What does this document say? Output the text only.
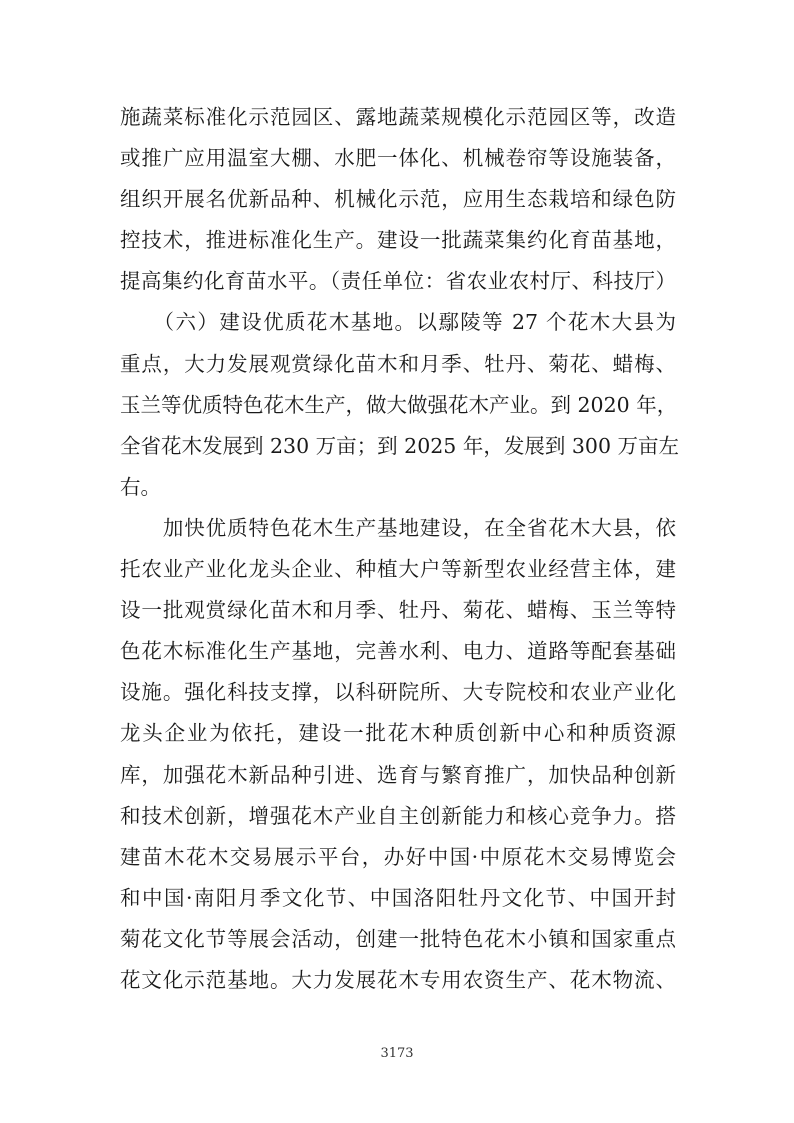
施蔬菜标准化示范园区、露地蔬菜规模化示范园区等，改造
或推广应用温室大棚、水肥一体化、机械卷帘等设施装备，
组织开展名优新品种、机械化示范，应用生态栽培和绿色防
控技术，推进标准化生产。建设一批蔬菜集约化育苗基地，
提高集约化育苗水平。（责任单位：省农业农村厅、科技厅）
　　（六）建设优质花木基地。以鄢陵等 27 个花木大县为
重点，大力发展观赏绿化苗木和月季、牡丹、菊花、蜡梅、
玉兰等优质特色花木生产，做大做强花木产业。到 2020 年，
全省花木发展到 230 万亩；到 2025 年，发展到 300 万亩左
右。
　　加快优质特色花木生产基地建设，在全省花木大县，依
托农业产业化龙头企业、种植大户等新型农业经营主体，建
设一批观赏绿化苗木和月季、牡丹、菊花、蜡梅、玉兰等特
色花木标准化生产基地，完善水利、电力、道路等配套基础
设施。强化科技支撑，以科研院所、大专院校和农业产业化
龙头企业为依托，建设一批花木种质创新中心和种质资源
库，加强花木新品种引进、选育与繁育推广，加快品种创新
和技术创新，增强花木产业自主创新能力和核心竞争力。搭
建苗木花木交易展示平台，办好中国·中原花木交易博览会
和中国·南阳月季文化节、中国洛阳牡丹文化节、中国开封
菊花文化节等展会活动，创建一批特色花木小镇和国家重点
花文化示范基地。大力发展花木专用农资生产、花木物流、
3173
